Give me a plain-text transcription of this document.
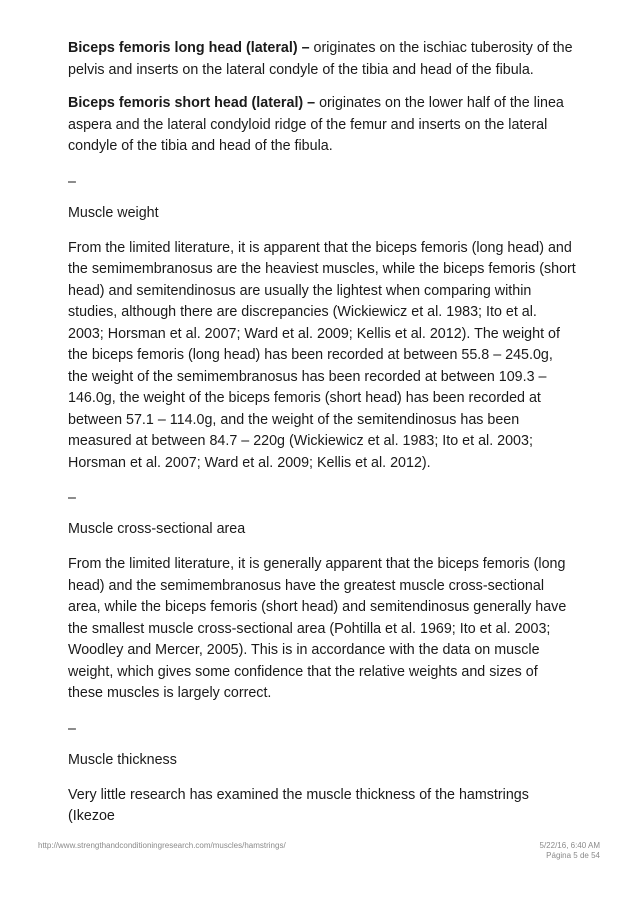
Biceps femoris long head (lateral) – originates on the ischiac tuberosity of the pelvis and inserts on the lateral condyle of the tibia and head of the fibula.

Biceps femoris short head (lateral) – originates on the lower half of the linea aspera and the lateral condyloid ridge of the femur and inserts on the lateral condyle of the tibia and head of the fibula.

–
Muscle weight

From the limited literature, it is apparent that the biceps femoris (long head) and the semimembranosus are the heaviest muscles, while the biceps femoris (short head) and semitendinosus are usually the lightest when comparing within studies, although there are discrepancies (Wickiewicz et al. 1983; Ito et al. 2003; Horsman et al. 2007; Ward et al. 2009; Kellis et al. 2012). The weight of the biceps femoris (long head) has been recorded at between 55.8 – 245.0g, the weight of the semimembranosus has been recorded at between 109.3 – 146.0g, the weight of the biceps femoris (short head) has been recorded at between 57.1 – 114.0g, and the weight of the semitendinosus has been measured at between 84.7 – 220g (Wickiewicz et al. 1983; Ito et al. 2003; Horsman et al. 2007; Ward et al. 2009; Kellis et al. 2012).

–
Muscle cross-sectional area

From the limited literature, it is generally apparent that the biceps femoris (long head) and the semimembranosus have the greatest muscle cross-sectional area, while the biceps femoris (short head) and semitendinosus generally have the smallest muscle cross-sectional area (Pohtilla et al. 1969; Ito et al. 2003; Woodley and Mercer, 2005). This is in accordance with the data on muscle weight, which gives some confidence that the relative weights and sizes of these muscles is largely correct.

–
Muscle thickness

Very little research has examined the muscle thickness of the hamstrings (Ikezoe

http://www.strengthandconditioningresearch.com/muscles/hamstrings/	5/22/16, 6:40 AM
Página 5 de 54
